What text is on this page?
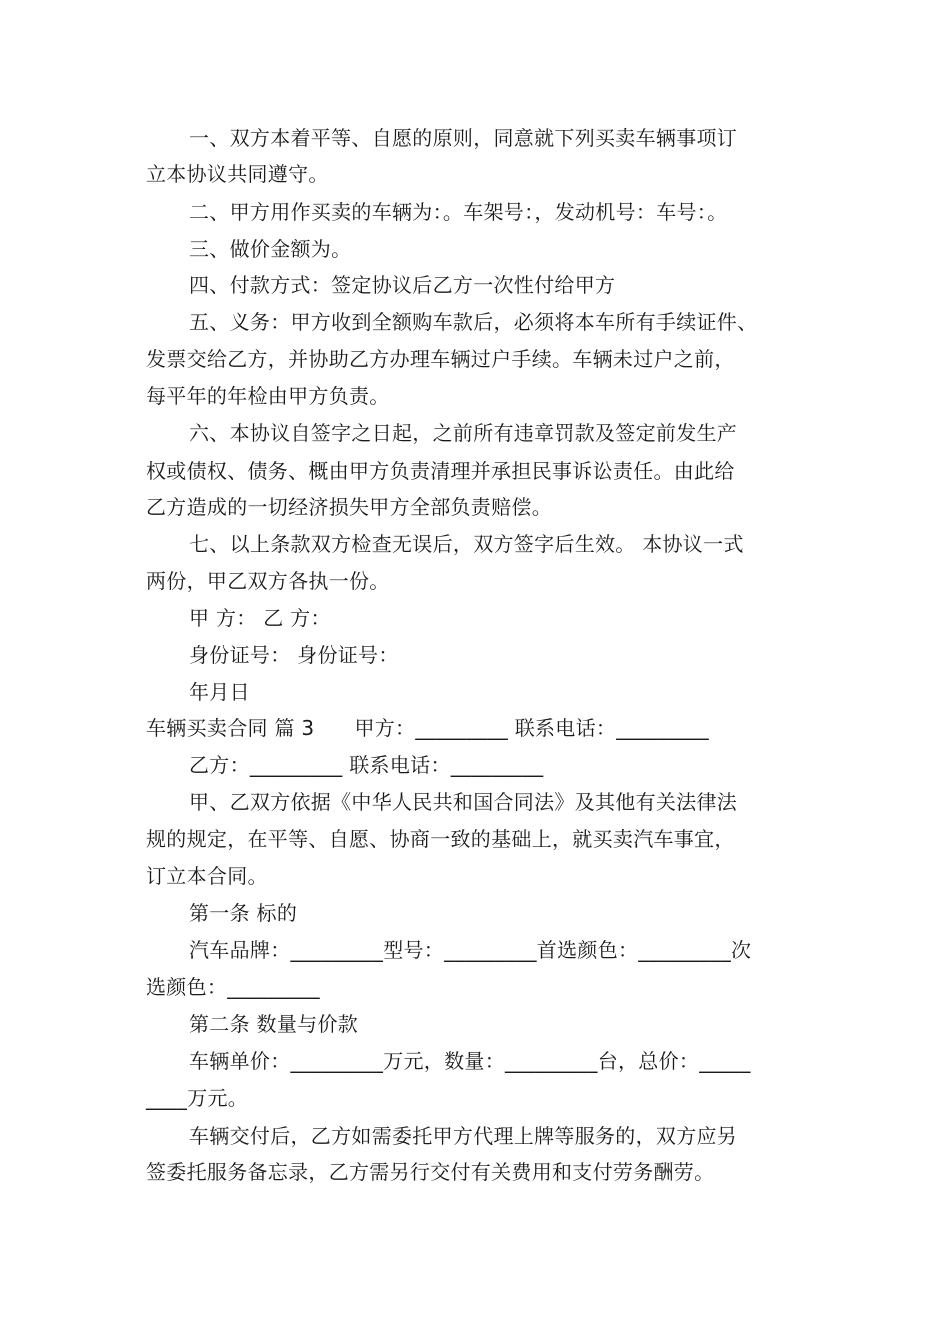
一、双方本着平等、自愿的原则，同意就下列买卖车辆事项订
立本协议共同遵守。
二、甲方用作买卖的车辆为：。车架号：，发动机号：车号：。
三、做价金额为。
四、付款方式：签定协议后乙方一次性付给甲方
五、义务：甲方收到全额购车款后，必须将本车所有手续证件、
发票交给乙方，并协助乙方办理车辆过户手续。车辆未过户之前，
每平年的年检由甲方负责。
六、本协议自签字之日起，之前所有违章罚款及签定前发生产
权或债权、债务、概由甲方负责清理并承担民事诉讼责任。由此给
乙方造成的一切经济损失甲方全部负责赔偿。
七、以上条款双方检查无误后，双方签字后生效。 本协议一式
两份，甲乙双方各执一份。
甲 方： 乙 方：
身份证号： 身份证号：
年月日
车辆买卖合同 篇 3 甲方：_________ 联系电话：_________
乙方：_________ 联系电话：_________
甲、乙双方依据《中华人民共和国合同法》及其他有关法律法
规的规定，在平等、自愿、协商一致的基础上，就买卖汽车事宜，
订立本合同。
第一条 标的
汽车品牌：_________型号：_________首选颜色：_________次
选颜色：_________
第二条 数量与价款
车辆单价：_________万元，数量：_________台，总价：_____
____万元。
车辆交付后，乙方如需委托甲方代理上牌等服务的，双方应另
签委托服务备忘录，乙方需另行交付有关费用和支付劳务酬劳。
